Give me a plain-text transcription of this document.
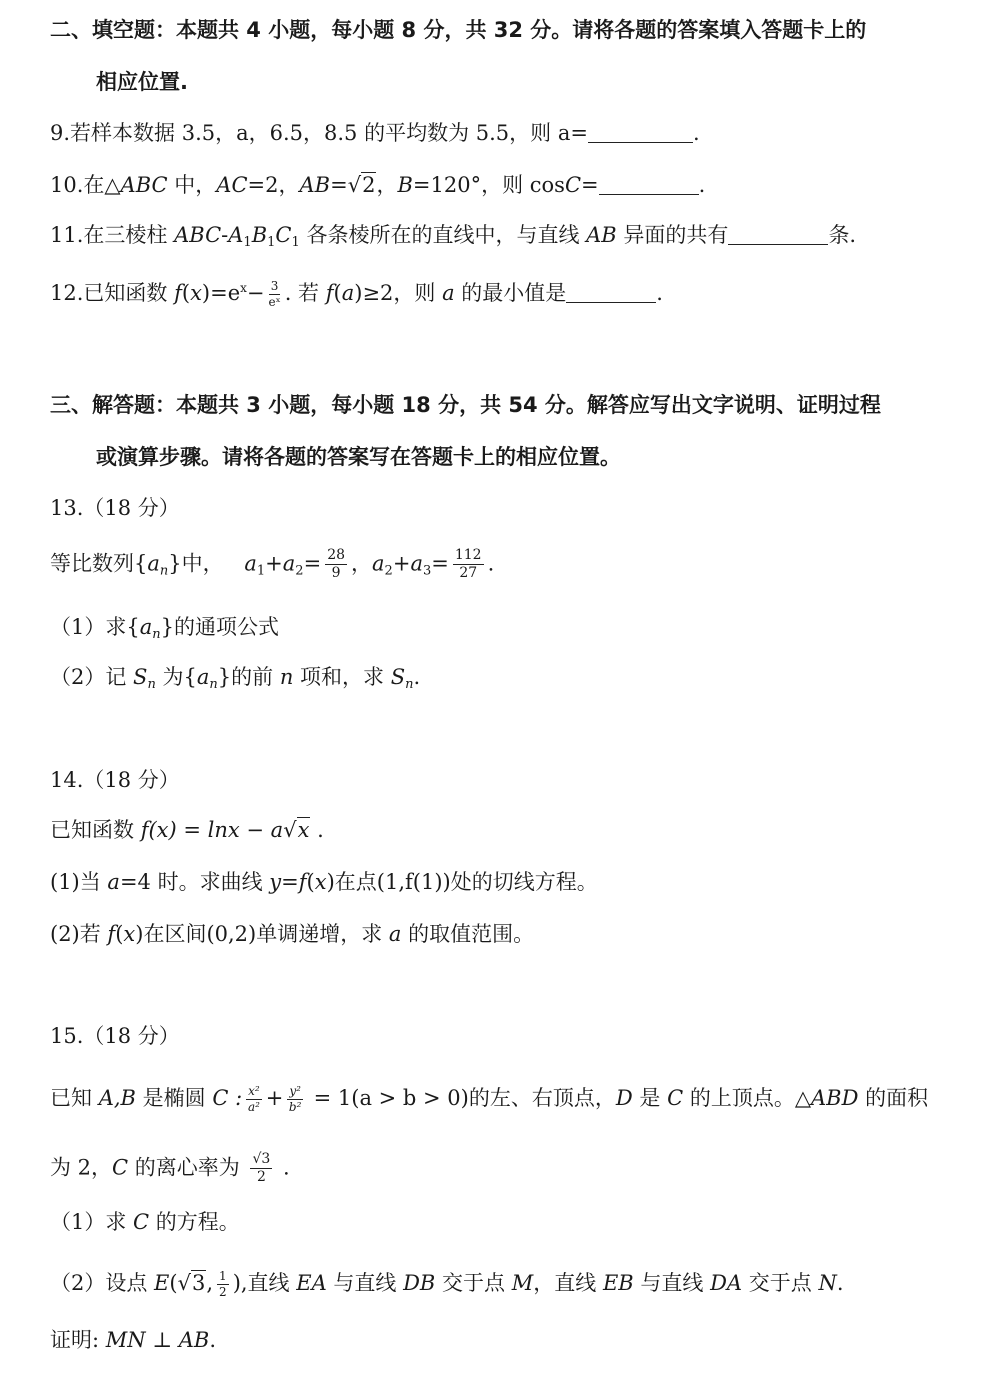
二、填空题：本题共 4 小题，每小题 8 分，共 32 分。请将各题的答案填入答题卡上的
相应位置.
9.若样本数据 3.5，a，6.5，8.5 的平均数为 5.5，则 a=	.
10.在△ABC 中，AC=2，AB=√2，B=120°，则 cosC=	.
11.在三棱柱 ABC-$A_1B_1C_1$ 各条棱所在的直线中，与直线 AB 异面的共有	条.
12.已知函数 $f(x)=e^x- \frac{3}{\text{eˣ}}$ . 若 f(a)≥2，则 a 的最小值是	.
三、解答题：本题共 3 小题，每小题 18 分，共 54 分。解答应写出文字说明、证明过程
或演算步骤。请将各题的答案写在答题卡上的相应位置。
13.（18 分）
等比数列$\{a_n\}$中， $a_1+a_2= \frac{28}{9}$ ，$a_2+a_3= \frac{112}{27}$ .
（1）求$\{a_n\}$的通项公式
（2）记 $S_n$ 为$\{a_n\}$的前 n 项和，求 $S_n$.
14.（18 分）
已知函数 f(x) = lnx − a√x .
(1)当 a=4 时。求曲线 y=f(x)在点(1,f(1))处的切线方程。
(2)若 f(x)在区间(0,2)单调递增，求 a 的取值范围。
15.（18 分）
已知 A,B 是椭圆 C : $\frac{\text{x²}}{\text{a²}} + \frac{\text{y²}}{\text{b²}} = 1(a > b > 0)$的左、右顶点，D 是 C 的上顶点。△ABD 的面积
为 2，C 的离心率为 $\frac{√3}{2}$ .
（1）求 C 的方程。
（2）设点 E(√3, $\frac{1}{2}$ ),直线 EA 与直线 DB 交于点 M，直线 EB 与直线 DA 交于点 N.
证明: MN ⊥ AB.
